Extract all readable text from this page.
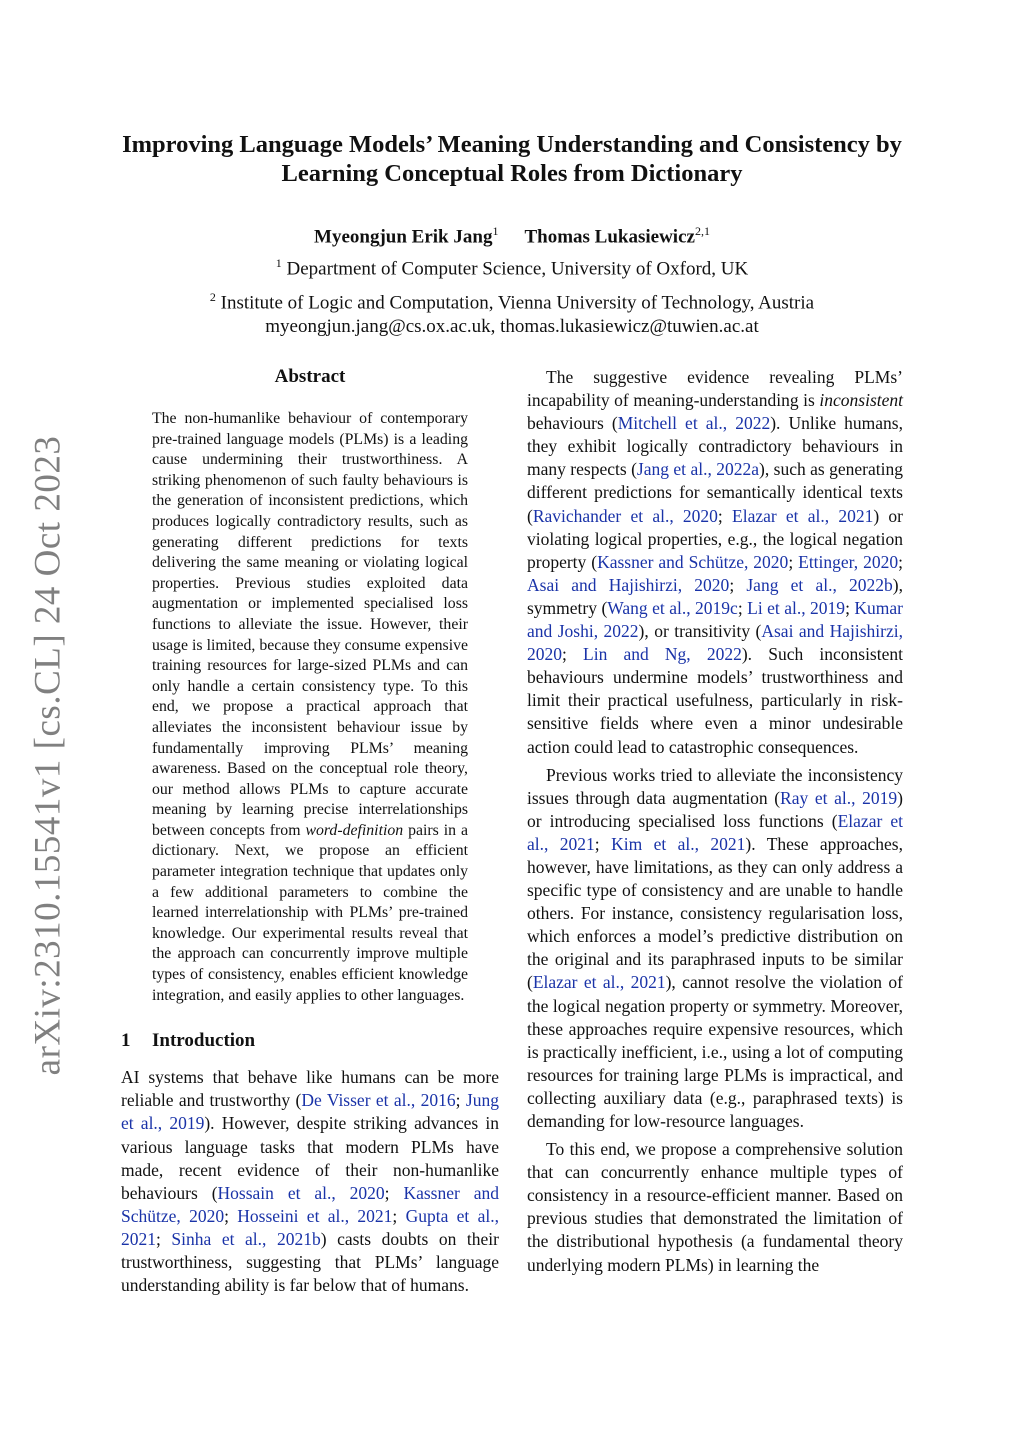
arXiv:2310.15541v1 [cs.CL] 24 Oct 2023
Improving Language Models’ Meaning Understanding and Consistency by
Learning Conceptual Roles from Dictionary
Myeongjun Erik Jang$^1$ Thomas Lukasiewicz$^{2,1}$
$^1$ Department of Computer Science, University of Oxford, UK
$^2$ Institute of Logic and Computation, Vienna University of Technology, Austria
myeongjun.jang@cs.ox.ac.uk, thomas.lukasiewicz@tuwien.ac.at
Abstract

The non-humanlike behaviour of contemporary pre-trained language models (PLMs) is a leading cause undermining their trustworthiness. A striking phenomenon of such faulty behaviours is the generation of inconsistent predictions, which produces logically contradictory results, such as generating different predictions for texts delivering the same meaning or violating logical properties. Previous studies exploited data augmentation or implemented specialised loss functions to alleviate the issue. However, their usage is limited, because they consume expensive training resources for large-sized PLMs and can only handle a certain consistency type. To this end, we propose a practical approach that alleviates the inconsistent behaviour issue by fundamentally improving PLMs’ meaning awareness. Based on the conceptual role theory, our method allows PLMs to capture accurate meaning by learning precise interrelationships between concepts from word-definition pairs in a dictionary. Next, we propose an efficient parameter integration technique that updates only a few additional parameters to combine the learned interrelationship with PLMs’ pre-trained knowledge. Our experimental results reveal that the approach can concurrently improve multiple types of consistency, enables efficient knowledge integration, and easily applies to other languages.

1 Introduction

AI systems that behave like humans can be more reliable and trustworthy (De Visser et al., 2016; Jung et al., 2019). However, despite striking advances in various language tasks that modern PLMs have made, recent evidence of their non-humanlike behaviours (Hossain et al., 2020; Kassner and Schütze, 2020; Hosseini et al., 2021; Gupta et al., 2021; Sinha et al., 2021b) casts doubts on their trustworthiness, suggesting that PLMs’ language understanding ability is far below that of humans.

The suggestive evidence revealing PLMs’ incapability of meaning-understanding is inconsistent behaviours (Mitchell et al., 2022). Unlike humans, they exhibit logically contradictory behaviours in many respects (Jang et al., 2022a), such as generating different predictions for semantically identical texts (Ravichander et al., 2020; Elazar et al., 2021) or violating logical properties, e.g., the logical negation property (Kassner and Schütze, 2020; Ettinger, 2020; Asai and Hajishirzi, 2020; Jang et al., 2022b), symmetry (Wang et al., 2019c; Li et al., 2019; Kumar and Joshi, 2022), or transitivity (Asai and Hajishirzi, 2020; Lin and Ng, 2022). Such inconsistent behaviours undermine models’ trustworthiness and limit their practical usefulness, particularly in risk-sensitive fields where even a minor undesirable action could lead to catastrophic consequences.

Previous works tried to alleviate the inconsistency issues through data augmentation (Ray et al., 2019) or introducing specialised loss functions (Elazar et al., 2021; Kim et al., 2021). These approaches, however, have limitations, as they can only address a specific type of consistency and are unable to handle others. For instance, consistency regularisation loss, which enforces a model’s predictive distribution on the original and its paraphrased inputs to be similar (Elazar et al., 2021), cannot resolve the violation of the logical negation property or symmetry. Moreover, these approaches require expensive resources, which is practically inefficient, i.e., using a lot of computing resources for training large PLMs is impractical, and collecting auxiliary data (e.g., paraphrased texts) is demanding for low-resource languages.

To this end, we propose a comprehensive solution that can concurrently enhance multiple types of consistency in a resource-efficient manner. Based on previous studies that demonstrated the limitation of the distributional hypothesis (a fundamental theory underlying modern PLMs) in learning the
